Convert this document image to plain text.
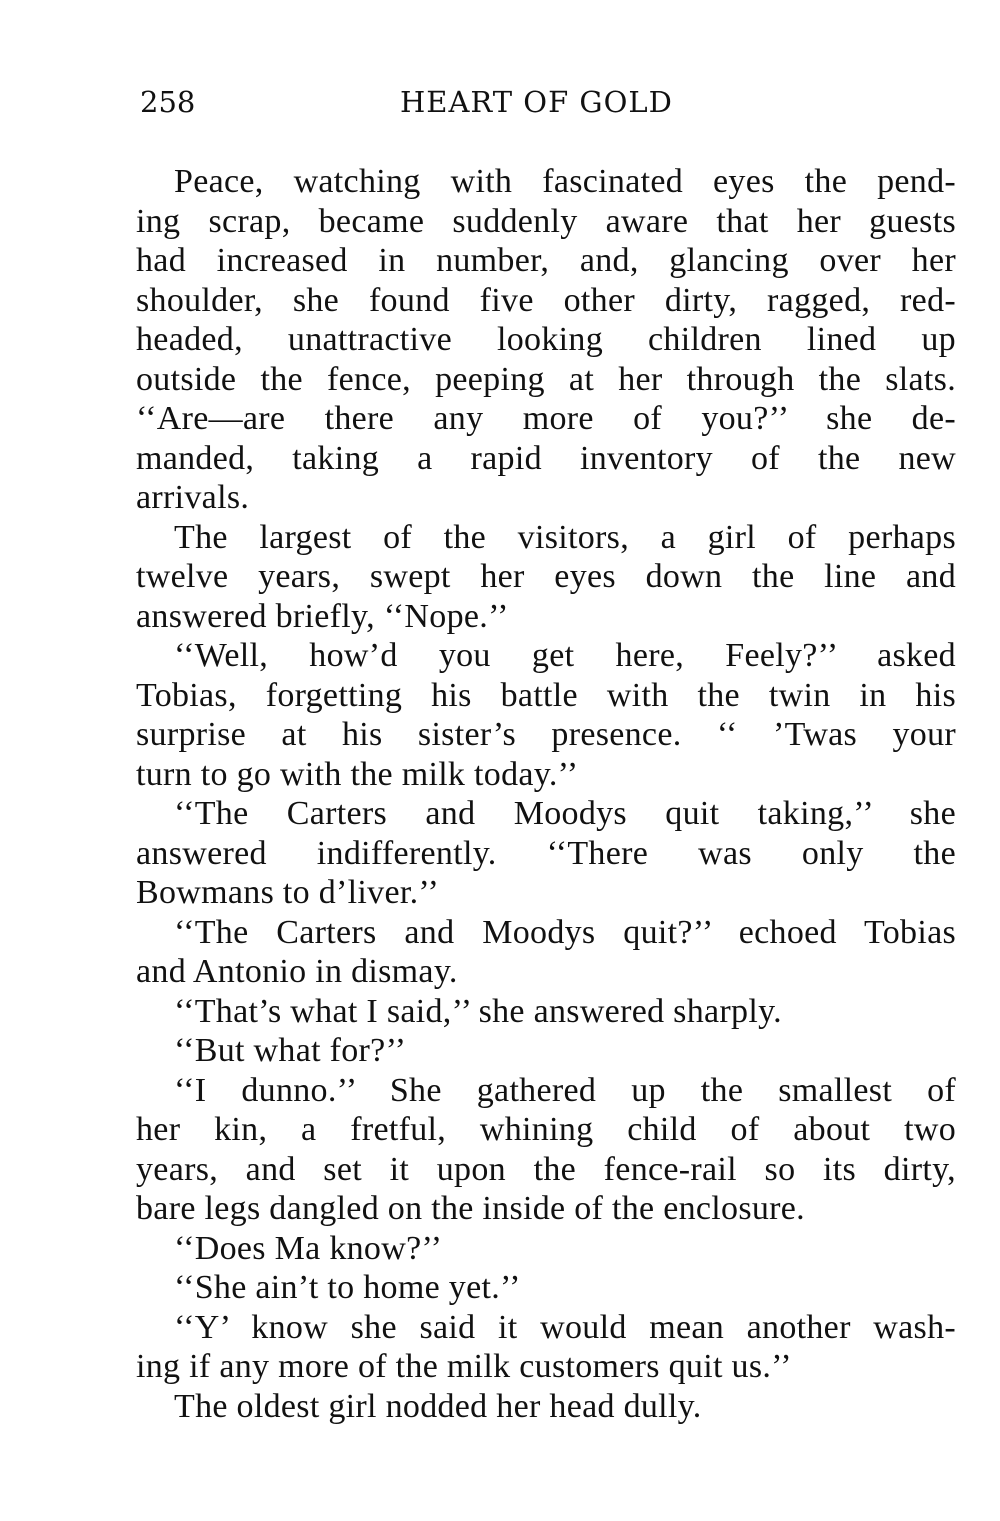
258	HEART OF GOLD
Peace, watching with fascinated eyes the pend-
ing scrap, became suddenly aware that her guests
had increased in number, and, glancing over her
shoulder, she found five other dirty, ragged, red-
headed, unattractive looking children lined up
outside the fence, peeping at her through the slats.
‘‘Are—are there any more of you?’’ she de-
manded, taking a rapid inventory of the new
arrivals.
The largest of the visitors, a girl of perhaps
twelve years, swept her eyes down the line and
answered briefly, ‘‘Nope.’’
‘‘Well, how’d you get here, Feely?’’ asked
Tobias, forgetting his battle with the twin in his
surprise at his sister’s presence. ‘‘ ’Twas your
turn to go with the milk today.’’
‘‘The Carters and Moodys quit taking,’’ she
answered indifferently. ‘‘There was only the
Bowmans to d’liver.’’
‘‘The Carters and Moodys quit?’’ echoed Tobias
and Antonio in dismay.
‘‘That’s what I said,’’ she answered sharply.
‘‘But what for?’’
‘‘I dunno.’’ She gathered up the smallest of
her kin, a fretful, whining child of about two
years, and set it upon the fence-rail so its dirty,
bare legs dangled on the inside of the enclosure.
‘‘Does Ma know?’’
‘‘She ain’t to home yet.’’
‘‘Y’ know she said it would mean another wash-
ing if any more of the milk customers quit us.’’
The oldest girl nodded her head dully.
